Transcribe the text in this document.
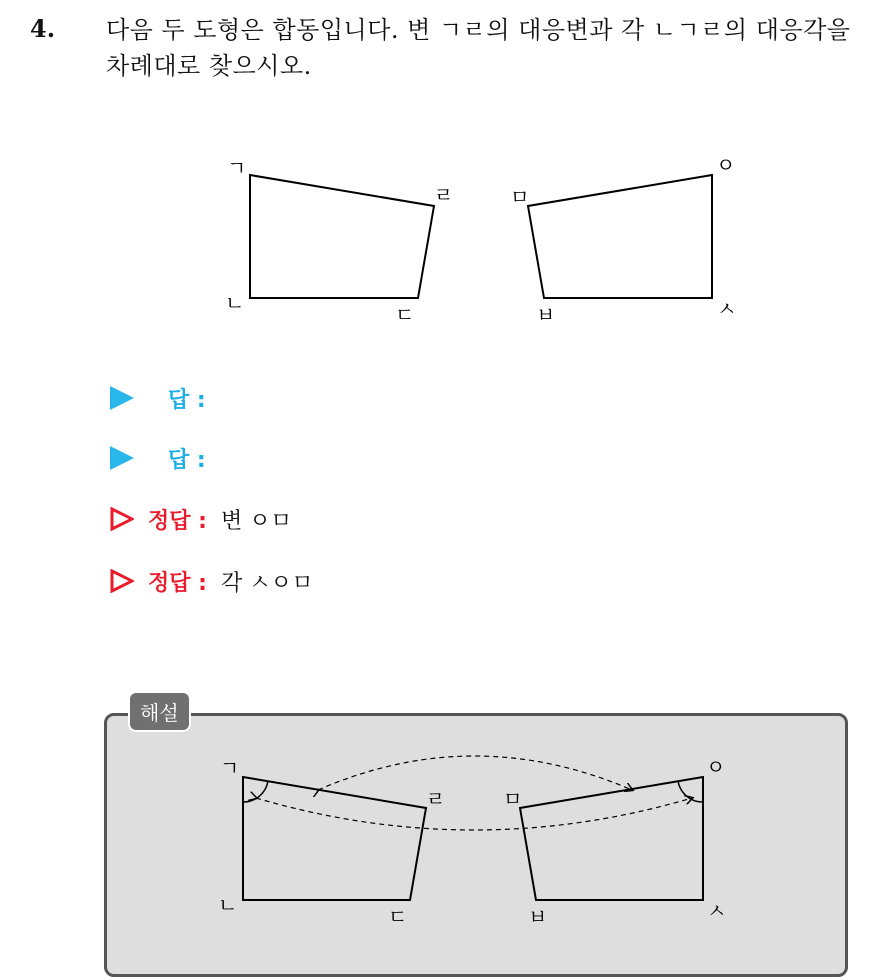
4. 다음 두 도형은 합동입니다. 변 ㄱㄹ의 대응변과 각 ㄴㄱㄹ의 대응각을 차례대로 찾으시오.
ㄱ
ㄴ	ㄷ
ㄹ	ㅁ
ㅂ	ㅅ
ㅇ
답 :
답 :
정답 : 변 ㅇㅁ
정답 : 각 ㅅㅇㅁ
해설
ㄱ
ㄴ	ㄷ
ㄹ	ㅁ
ㅂ	ㅅ
ㅇ
